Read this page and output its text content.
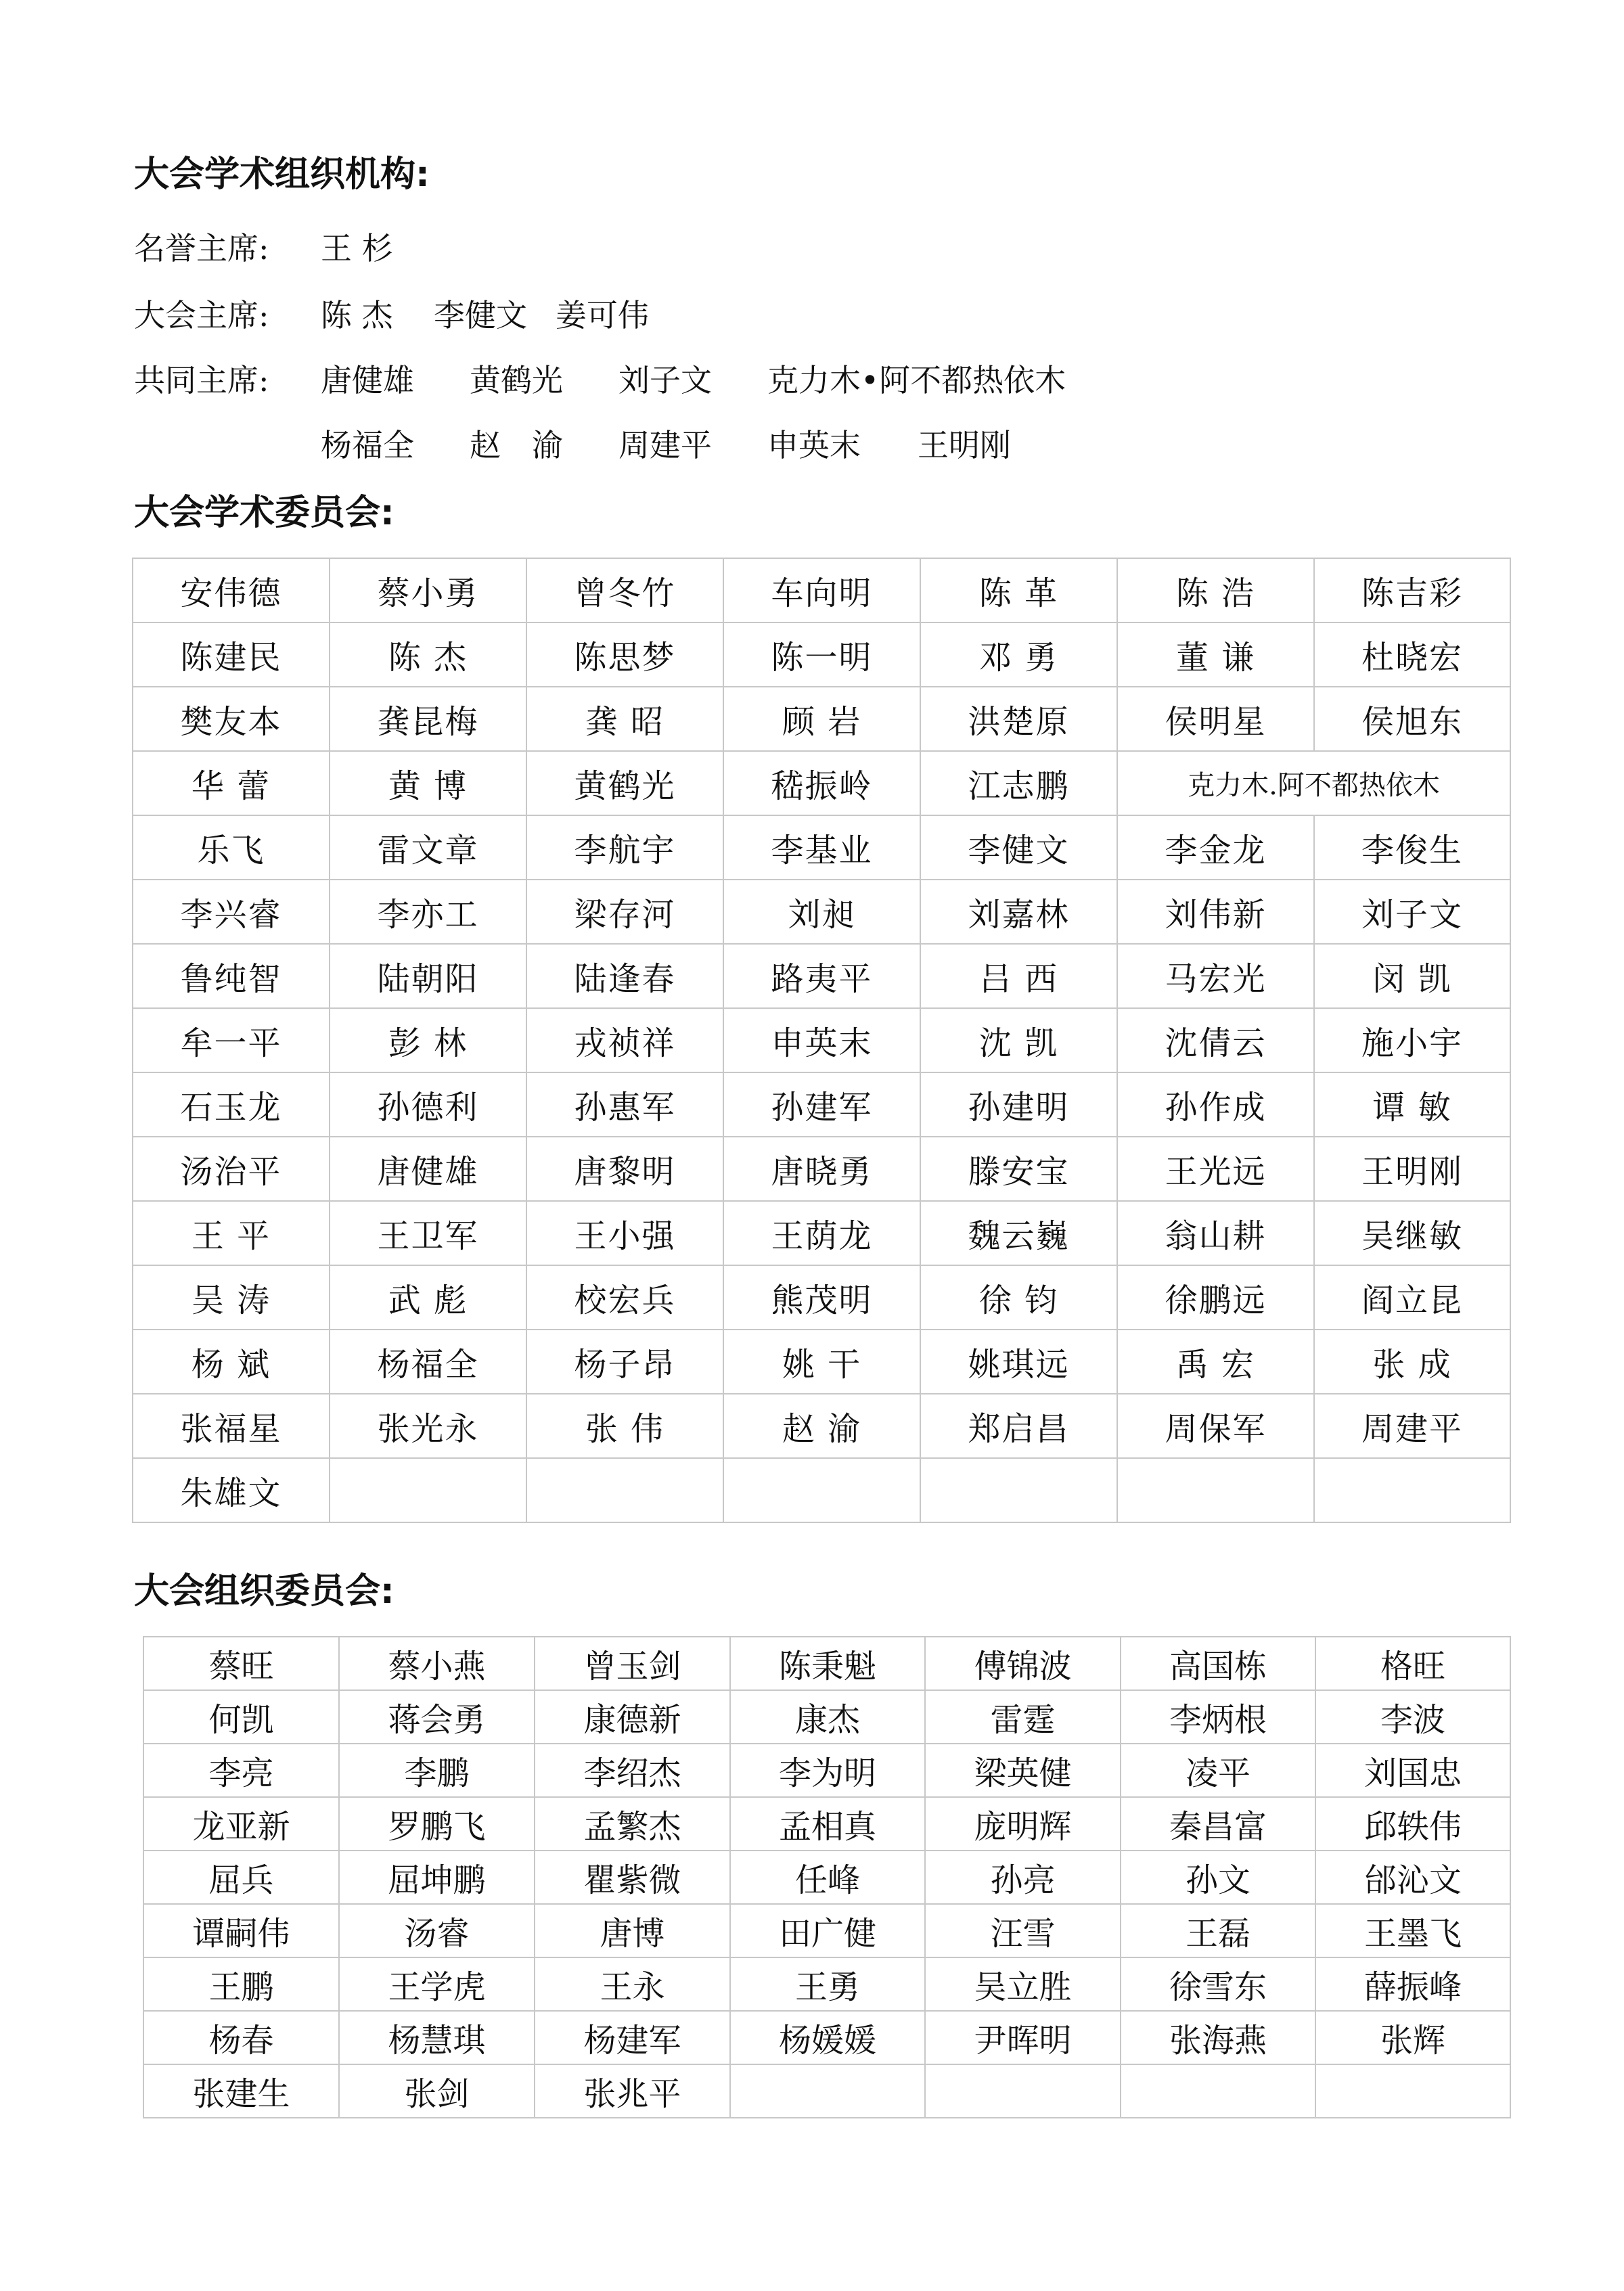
大会学术组织机构:
名誉主席: 王 杉
大会主席: 陈 杰 李健文 姜可伟
共同主席: 唐健雄 黄鹤光 刘子文 克力木•阿不都热依木
杨福全 赵　渝 周建平 申英末 王明刚
大会学术委员会:
安伟德	蔡小勇	曾冬竹	车向明	陈 革	陈 浩	陈吉彩
陈建民	陈 杰	陈思梦	陈一明	邓 勇	董 谦	杜晓宏
樊友本	龚昆梅	龚 昭	顾 岩	洪楚原	侯明星	侯旭东
华 蕾	黄 博	黄鹤光	嵇振岭	江志鹏	克力木.阿不都热依木	
乐飞	雷文章	李航宇	李基业	李健文	李金龙	李俊生
李兴睿	李亦工	梁存河	刘昶	刘嘉林	刘伟新	刘子文
鲁纯智	陆朝阳	陆逢春	路夷平	吕 西	马宏光	闵 凯
牟一平	彭 林	戎祯祥	申英末	沈 凯	沈倩云	施小宇
石玉龙	孙德利	孙惠军	孙建军	孙建明	孙作成	谭 敏
汤治平	唐健雄	唐黎明	唐晓勇	滕安宝	王光远	王明刚
王 平	王卫军	王小强	王荫龙	魏云巍	翁山耕	吴继敏
吴 涛	武 彪	校宏兵	熊茂明	徐 钧	徐鹏远	阎立昆
杨 斌	杨福全	杨子昂	姚 干	姚琪远	禹 宏	张 成
张福星	张光永	张 伟	赵 渝	郑启昌	周保军	周建平
朱雄文						
大会组织委员会:
蔡旺	蔡小燕	曾玉剑	陈秉魁	傅锦波	高国栋	格旺
何凯	蒋会勇	康德新	康杰	雷霆	李炳根	李波
李亮	李鹏	李绍杰	李为明	梁英健	凌平	刘国忠
龙亚新	罗鹏飞	孟繁杰	孟相真	庞明辉	秦昌富	邱轶伟
屈兵	屈坤鹏	瞿紫微	任峰	孙亮	孙文	邰沁文
谭嗣伟	汤睿	唐博	田广健	汪雪	王磊	王墨飞
王鹏	王学虎	王永	王勇	吴立胜	徐雪东	薛振峰
杨春	杨慧琪	杨建军	杨媛媛	尹晖明	张海燕	张辉
张建生	张剑	张兆平				
